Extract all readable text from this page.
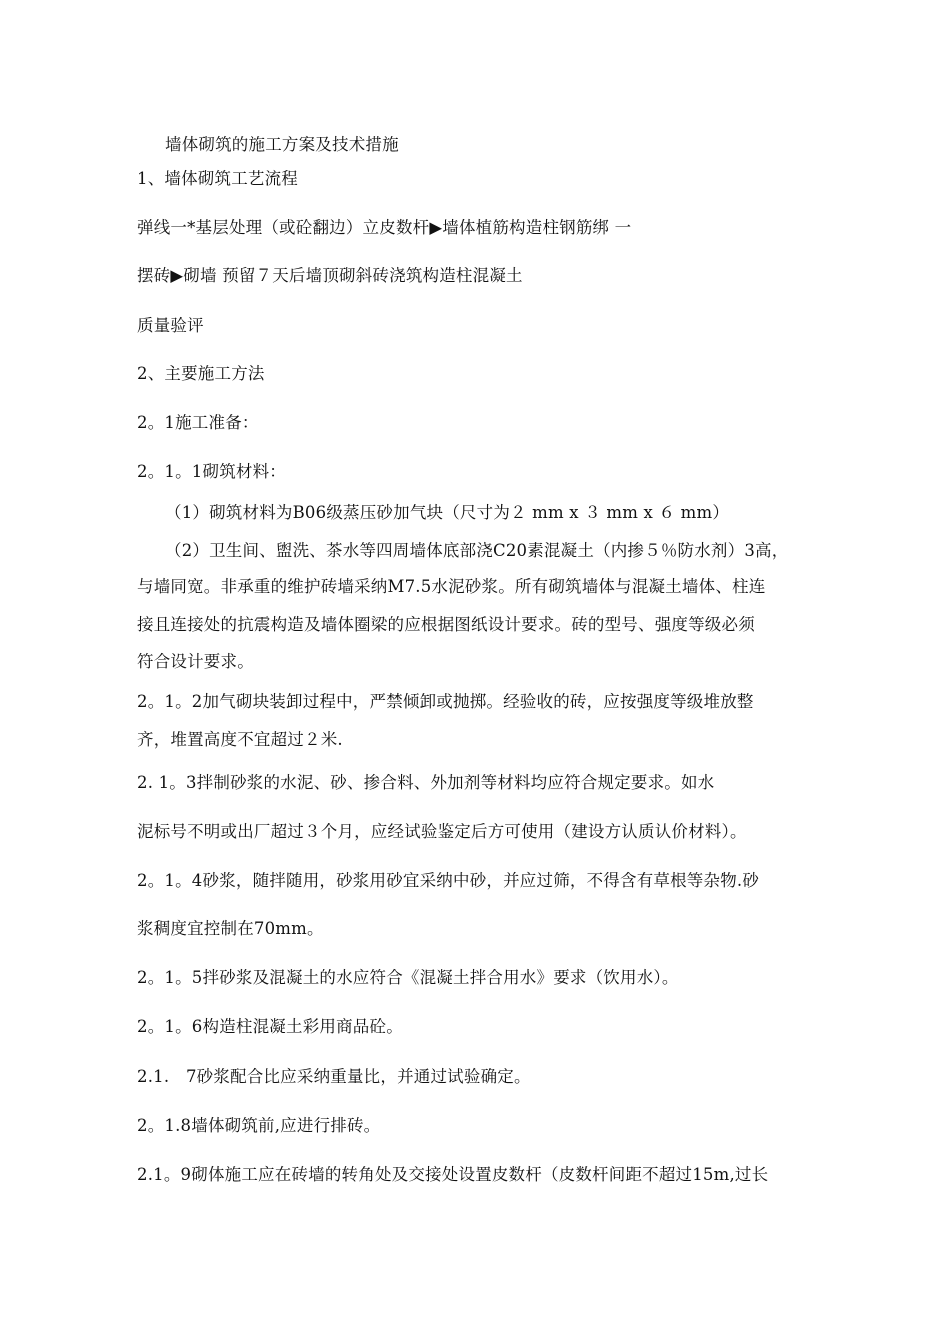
墙体砌筑的施工方案及技术措施
1、墙体砌筑工艺流程
弹线一*基层处理（或砼翻边）立皮数杆▶墙体植筋构造柱钢筋绑 一
摆砖▶砌墙 预留７天后墙顶砌斜砖浇筑构造柱混凝土
质量验评
2、主要施工方法
2。1施工准备：
2。1。1砌筑材料：
（1）砌筑材料为B06级蒸压砂加气块（尺寸为２ mm x ３ mm x ６ mm）
（2）卫生间、盥洗、茶水等四周墙体底部浇C20素混凝土（内掺５％防水剂）3高，
与墙同宽。非承重的维护砖墙采纳M7.5水泥砂浆。所有砌筑墙体与混凝土墙体、柱连
接且连接处的抗震构造及墙体圈梁的应根据图纸设计要求。砖的型号、强度等级必须
符合设计要求。
2。1。2加气砌块装卸过程中，严禁倾卸或抛掷。经验收的砖，应按强度等级堆放整
齐，堆置高度不宜超过２米.
2. 1。3拌制砂浆的水泥、砂、掺合料、外加剂等材料均应符合规定要求。如水
泥标号不明或出厂超过３个月，应经试验鉴定后方可使用（建设方认质认价材料）。
2。1。4砂浆，随拌随用，砂浆用砂宜采纳中砂，并应过筛，不得含有草根等杂物.砂
浆稠度宜控制在70mm。
2。1。5拌砂浆及混凝土的水应符合《混凝土拌合用水》要求（饮用水）。
2。1。6构造柱混凝土彩用商品砼。
2.1.　7砂浆配合比应采纳重量比，并通过试验确定。
2。1.8墙体砌筑前,应进行排砖。
2.1。9砌体施工应在砖墙的转角处及交接处设置皮数杆（皮数杆间距不超过15m,过长
